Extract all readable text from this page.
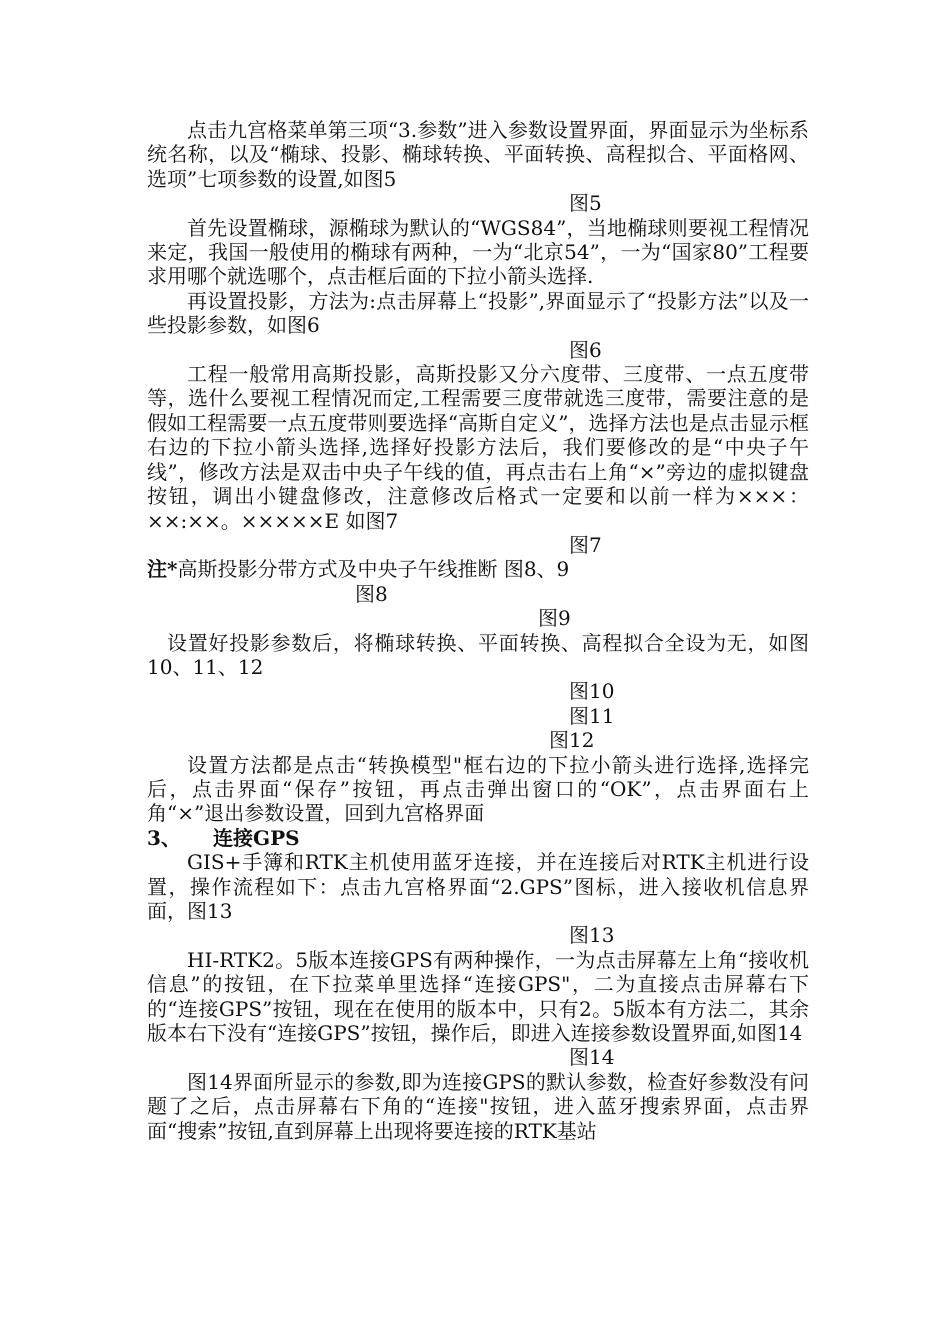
点击九宫格菜单第三项“3.参数”进入参数设置界面，界面显示为坐标系统名称，以及“椭球、投影、椭球转换、平面转换、高程拟合、平面格网、选项”七项参数的设置,如图5

图5

首先设置椭球，源椭球为默认的“WGS84”，当地椭球则要视工程情况来定，我国一般使用的椭球有两种，一为“北京54”，一为“国家80”工程要求用哪个就选哪个，点击框后面的下拉小箭头选择.

再设置投影，方法为:点击屏幕上“投影”,界面显示了“投影方法”以及一些投影参数，如图6

图6

工程一般常用高斯投影，高斯投影又分六度带、三度带、一点五度带等，选什么要视工程情况而定,工程需要三度带就选三度带，需要注意的是假如工程需要一点五度带则要选择“高斯自定义”，选择方法也是点击显示框右边的下拉小箭头选择,选择好投影方法后，我们要修改的是“中央子午线”，修改方法是双击中央子午线的值，再点击右上角“×”旁边的虚拟键盘按钮，调出小键盘修改，注意修改后格式一定要和以前一样为×××：××:××。×××××E 如图7

图7

注*高斯投影分带方式及中央子午线推断 图8、9

图8

图9

设置好投影参数后，将椭球转换、平面转换、高程拟合全设为无，如图10、11、12

图10

图11

图12

设置方法都是点击“转换模型"框右边的下拉小箭头进行选择,选择完后，点击界面“保存”按钮，再点击弹出窗口的“OK”，点击界面右上角“×”退出参数设置，回到九宫格界面

3、 连接GPS

GIS+手簿和RTK主机使用蓝牙连接，并在连接后对RTK主机进行设置，操作流程如下：点击九宫格界面“2.GPS”图标，进入接收机信息界面，图13

图13

HI-RTK2。5版本连接GPS有两种操作，一为点击屏幕左上角“接收机信息”的按钮，在下拉菜单里选择“连接GPS"，二为直接点击屏幕右下的“连接GPS”按钮，现在在使用的版本中，只有2。5版本有方法二，其余版本右下没有“连接GPS”按钮，操作后，即进入连接参数设置界面,如图14

图14

图14界面所显示的参数,即为连接GPS的默认参数，检查好参数没有问题了之后，点击屏幕右下角的“连接"按钮，进入蓝牙搜索界面，点击界面“搜索”按钮,直到屏幕上出现将要连接的RTK基站
